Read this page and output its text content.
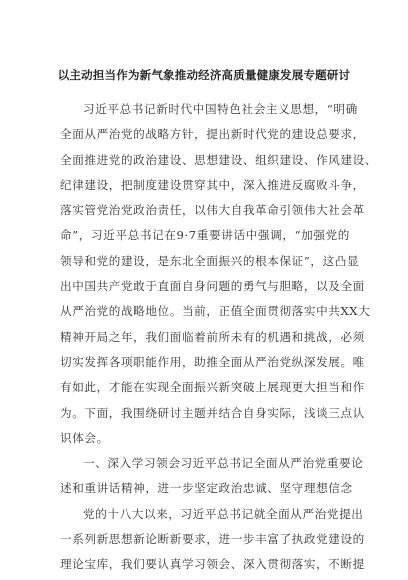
以主动担当作为新气象推动经济高质量健康发展专题研讨
习近平总书记新时代中国特色社会主义思想，“明确
全面从严治党的战略方针，提出新时代党的建设总要求，
全面推进党的政治建设、思想建设、组织建设、作风建设、
纪律建设，把制度建设贯穿其中，深入推进反腐败斗争，
落实管党治党政治责任，以伟大自我革命引领伟大社会革
命”，习近平总书记在9·7重要讲话中强调，“加强党的
领导和党的建设，是东北全面振兴的根本保证”，这凸显
出中国共产党敢于直面自身问题的勇气与胆略，以及全面
从严治党的战略地位。当前，正值全面贯彻落实中共XX大
精神开局之年，我们面临着前所未有的机遇和挑战，必须
切实发挥各项职能作用，助推全面从严治党纵深发展。唯
有如此，才能在实现全面振兴新突破上展现更大担当和作
为。下面，我围绕研讨主题并结合自身实际，浅谈三点认
识体会。
一、深入学习领会习近平总书记全面从严治党重要论
述和重讲话精神，进一步坚定政治忠诚、坚守理想信念
党的十八大以来，习近平总书记就全面从严治党提出
一系列新思想新论断新要求，进一步丰富了执政党建设的
理论宝库，我们要认真学习领会、深入贯彻落实，不断提
